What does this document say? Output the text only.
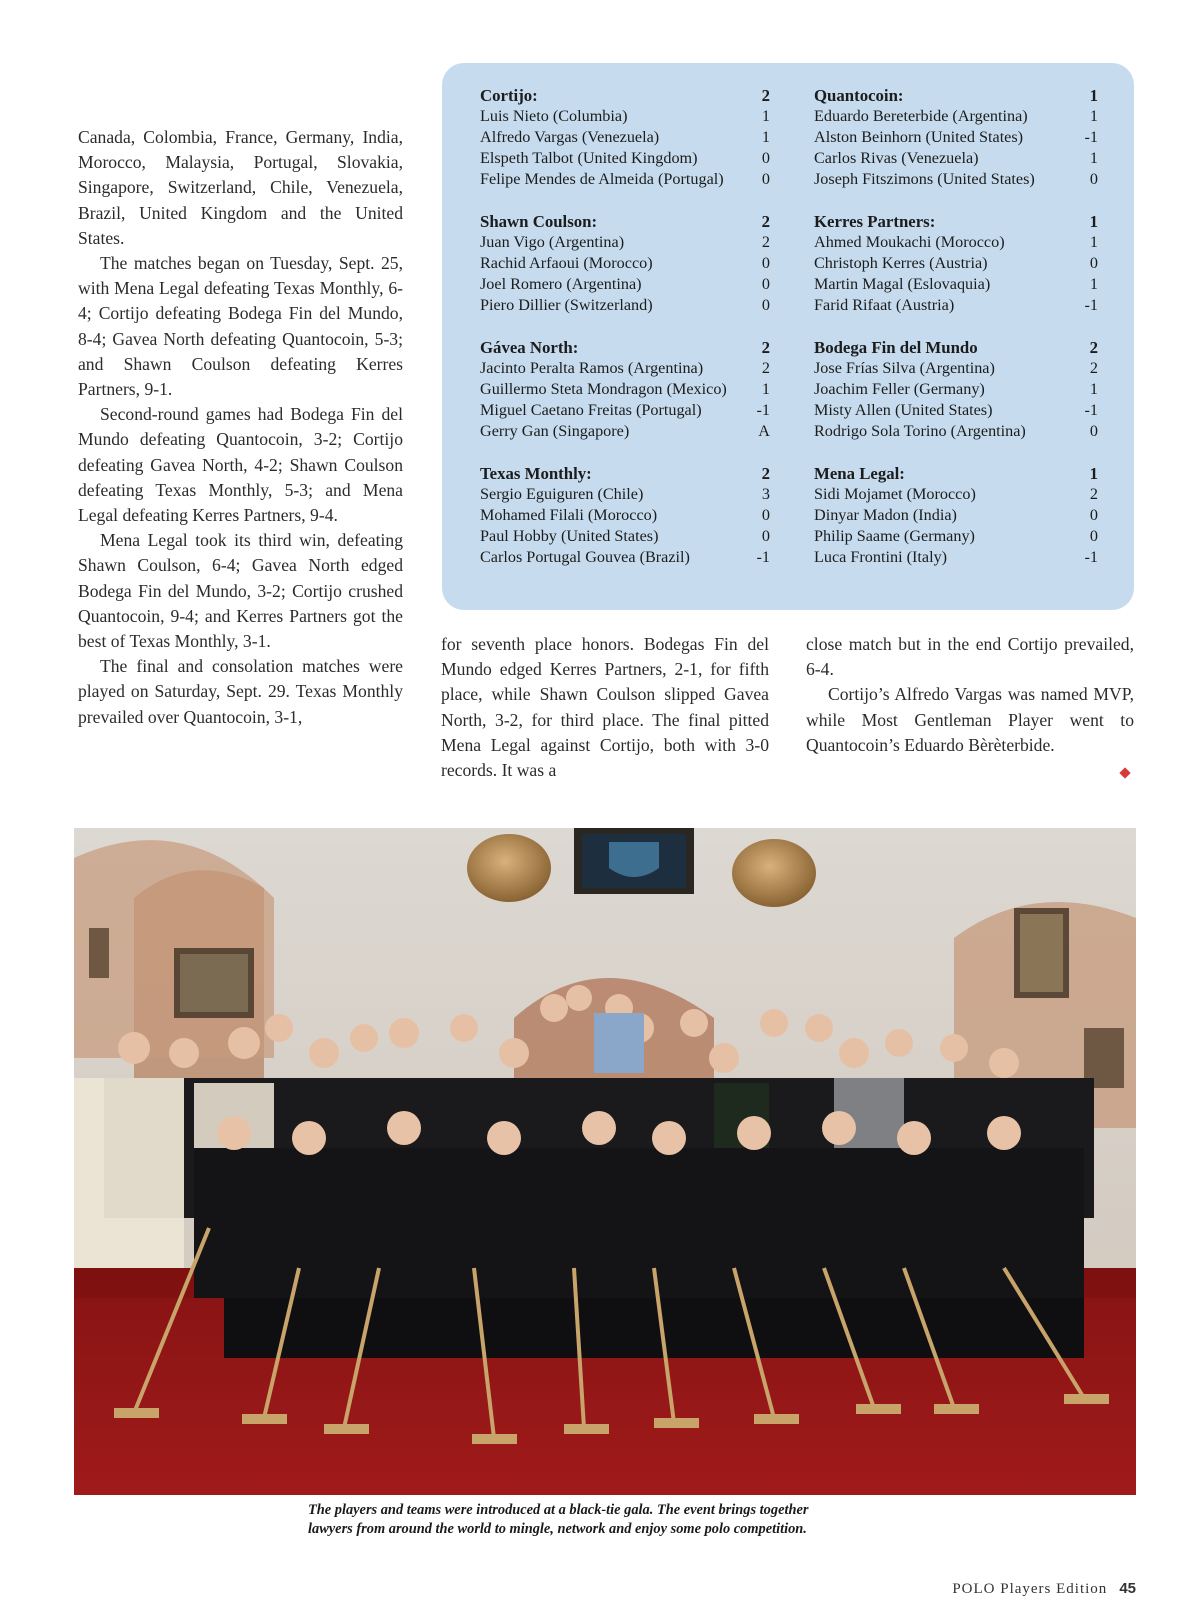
Canada, Colombia, France, Germany, India, Morocco, Malaysia, Portugal, Slovakia, Singapore, Switzerland, Chile, Venezuela, Brazil, United Kingdom and the United States.

The matches began on Tuesday, Sept. 25, with Mena Legal defeating Texas Monthly, 6-4; Cortijo defeating Bodega Fin del Mundo, 8-4; Gavea North defeating Quantocoin, 5-3; and Shawn Coulson defeating Kerres Partners, 9-1.

Second-round games had Bodega Fin del Mundo defeating Quantocoin, 3-2; Cortijo defeating Gavea North, 4-2; Shawn Coulson defeating Texas Monthly, 5-3; and Mena Legal defeating Kerres Partners, 9-4.

Mena Legal took its third win, defeating Shawn Coulson, 6-4; Gavea North edged Bodega Fin del Mundo, 3-2; Cortijo crushed Quantocoin, 9-4; and Kerres Partners got the best of Texas Monthly, 3-1.

The final and consolation matches were played on Saturday, Sept. 29. Texas Monthly prevailed over Quantocoin, 3-1,

Cortijo:	2
Luis Nieto (Columbia)	1
Alfredo Vargas (Venezuela)	1
Elspeth Talbot (United Kingdom)	0
Felipe Mendes de Almeida (Portugal)	0
Shawn Coulson:	2
Juan Vigo (Argentina)	2
Rachid Arfaoui (Morocco)	0
Joel Romero (Argentina)	0
Piero Dillier (Switzerland)	0
Gávea North:	2
Jacinto Peralta Ramos (Argentina)	2
Guillermo Steta Mondragon (Mexico)	1
Miguel Caetano Freitas (Portugal)	-1
Gerry Gan (Singapore)	A
Texas Monthly:	2
Sergio Eguiguren (Chile)	3
Mohamed Filali (Morocco)	0
Paul Hobby (United States)	0
Carlos Portugal Gouvea (Brazil)	-1
Quantocoin:	1
Eduardo Bereterbide (Argentina)	1
Alston Beinhorn (United States)	-1
Carlos Rivas (Venezuela)	1
Joseph Fitszimons (United States)	0
Kerres Partners:	1
Ahmed Moukachi (Morocco)	1
Christoph Kerres (Austria)	0
Martin Magal (Eslovaquia)	1
Farid Rifaat (Austria)	-1
Bodega Fin del Mundo	2
Jose Frías Silva (Argentina)	2
Joachim Feller (Germany)	1
Misty Allen (United States)	-1
Rodrigo Sola Torino (Argentina)	0
Mena Legal:	1
Sidi Mojamet (Morocco)	2
Dinyar Madon (India)	0
Philip Saame (Germany)	0
Luca Frontini (Italy)	-1

for seventh place honors. Bodegas Fin del Mundo edged Kerres Partners, 2-1, for fifth place, while Shawn Coulson slipped Gavea North, 3-2, for third place. The final pitted Mena Legal against Cortijo, both with 3-0 records. It was a

close match but in the end Cortijo prevailed, 6-4.

Cortijo’s Alfredo Vargas was named MVP, while Most Gentleman Player went to Quantocoin’s Eduardo Bèrèterbide.

The players and teams were introduced at a black-tie gala. The event brings together
lawyers from around the world to mingle, network and enjoy some polo competition.
POLO Players Edition 45
